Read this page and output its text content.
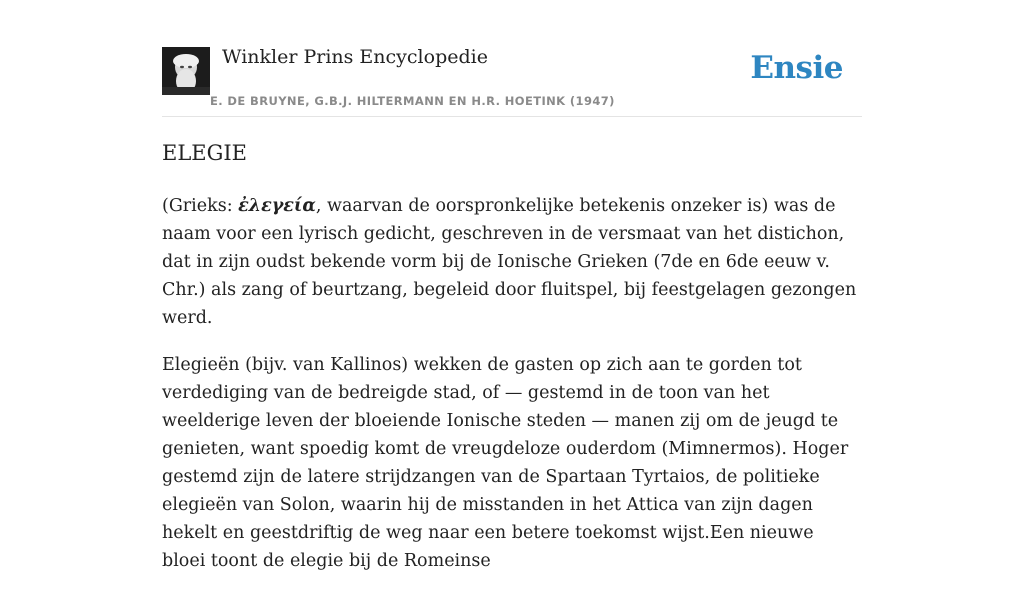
Winkler Prins Encyclopedie
E. DE BRUYNE, G.B.J. HILTERMANN EN H.R. HOETINK (1947)
Ensie
ELEGIE

(Grieks: ἐλεγεία, waarvan de oorspronkelijke betekenis onzeker is) was de naam voor een lyrisch gedicht, geschreven in de versmaat van het distichon, dat in zijn oudst bekende vorm bij de Ionische Grieken (7de en 6de eeuw v. Chr.) als zang of beurtzang, begeleid door fluitspel, bij feestgelagen gezongen werd.

Elegieën (bijv. van Kallinos) wekken de gasten op zich aan te gorden tot verdediging van de bedreigde stad, of — gestemd in de toon van het weelderige leven der bloeiende Ionische steden — manen zij om de jeugd te genieten, want spoedig komt de vreugdeloze ouderdom (Mimnermos). Hoger gestemd zijn de latere strijdzangen van de Spartaan Tyrtaios, de politieke elegieën van Solon, waarin hij de misstanden in het Attica van zijn dagen hekelt en geestdriftig de weg naar een betere toekomst wijst.Een nieuwe bloei toont de elegie bij de Romeinse
